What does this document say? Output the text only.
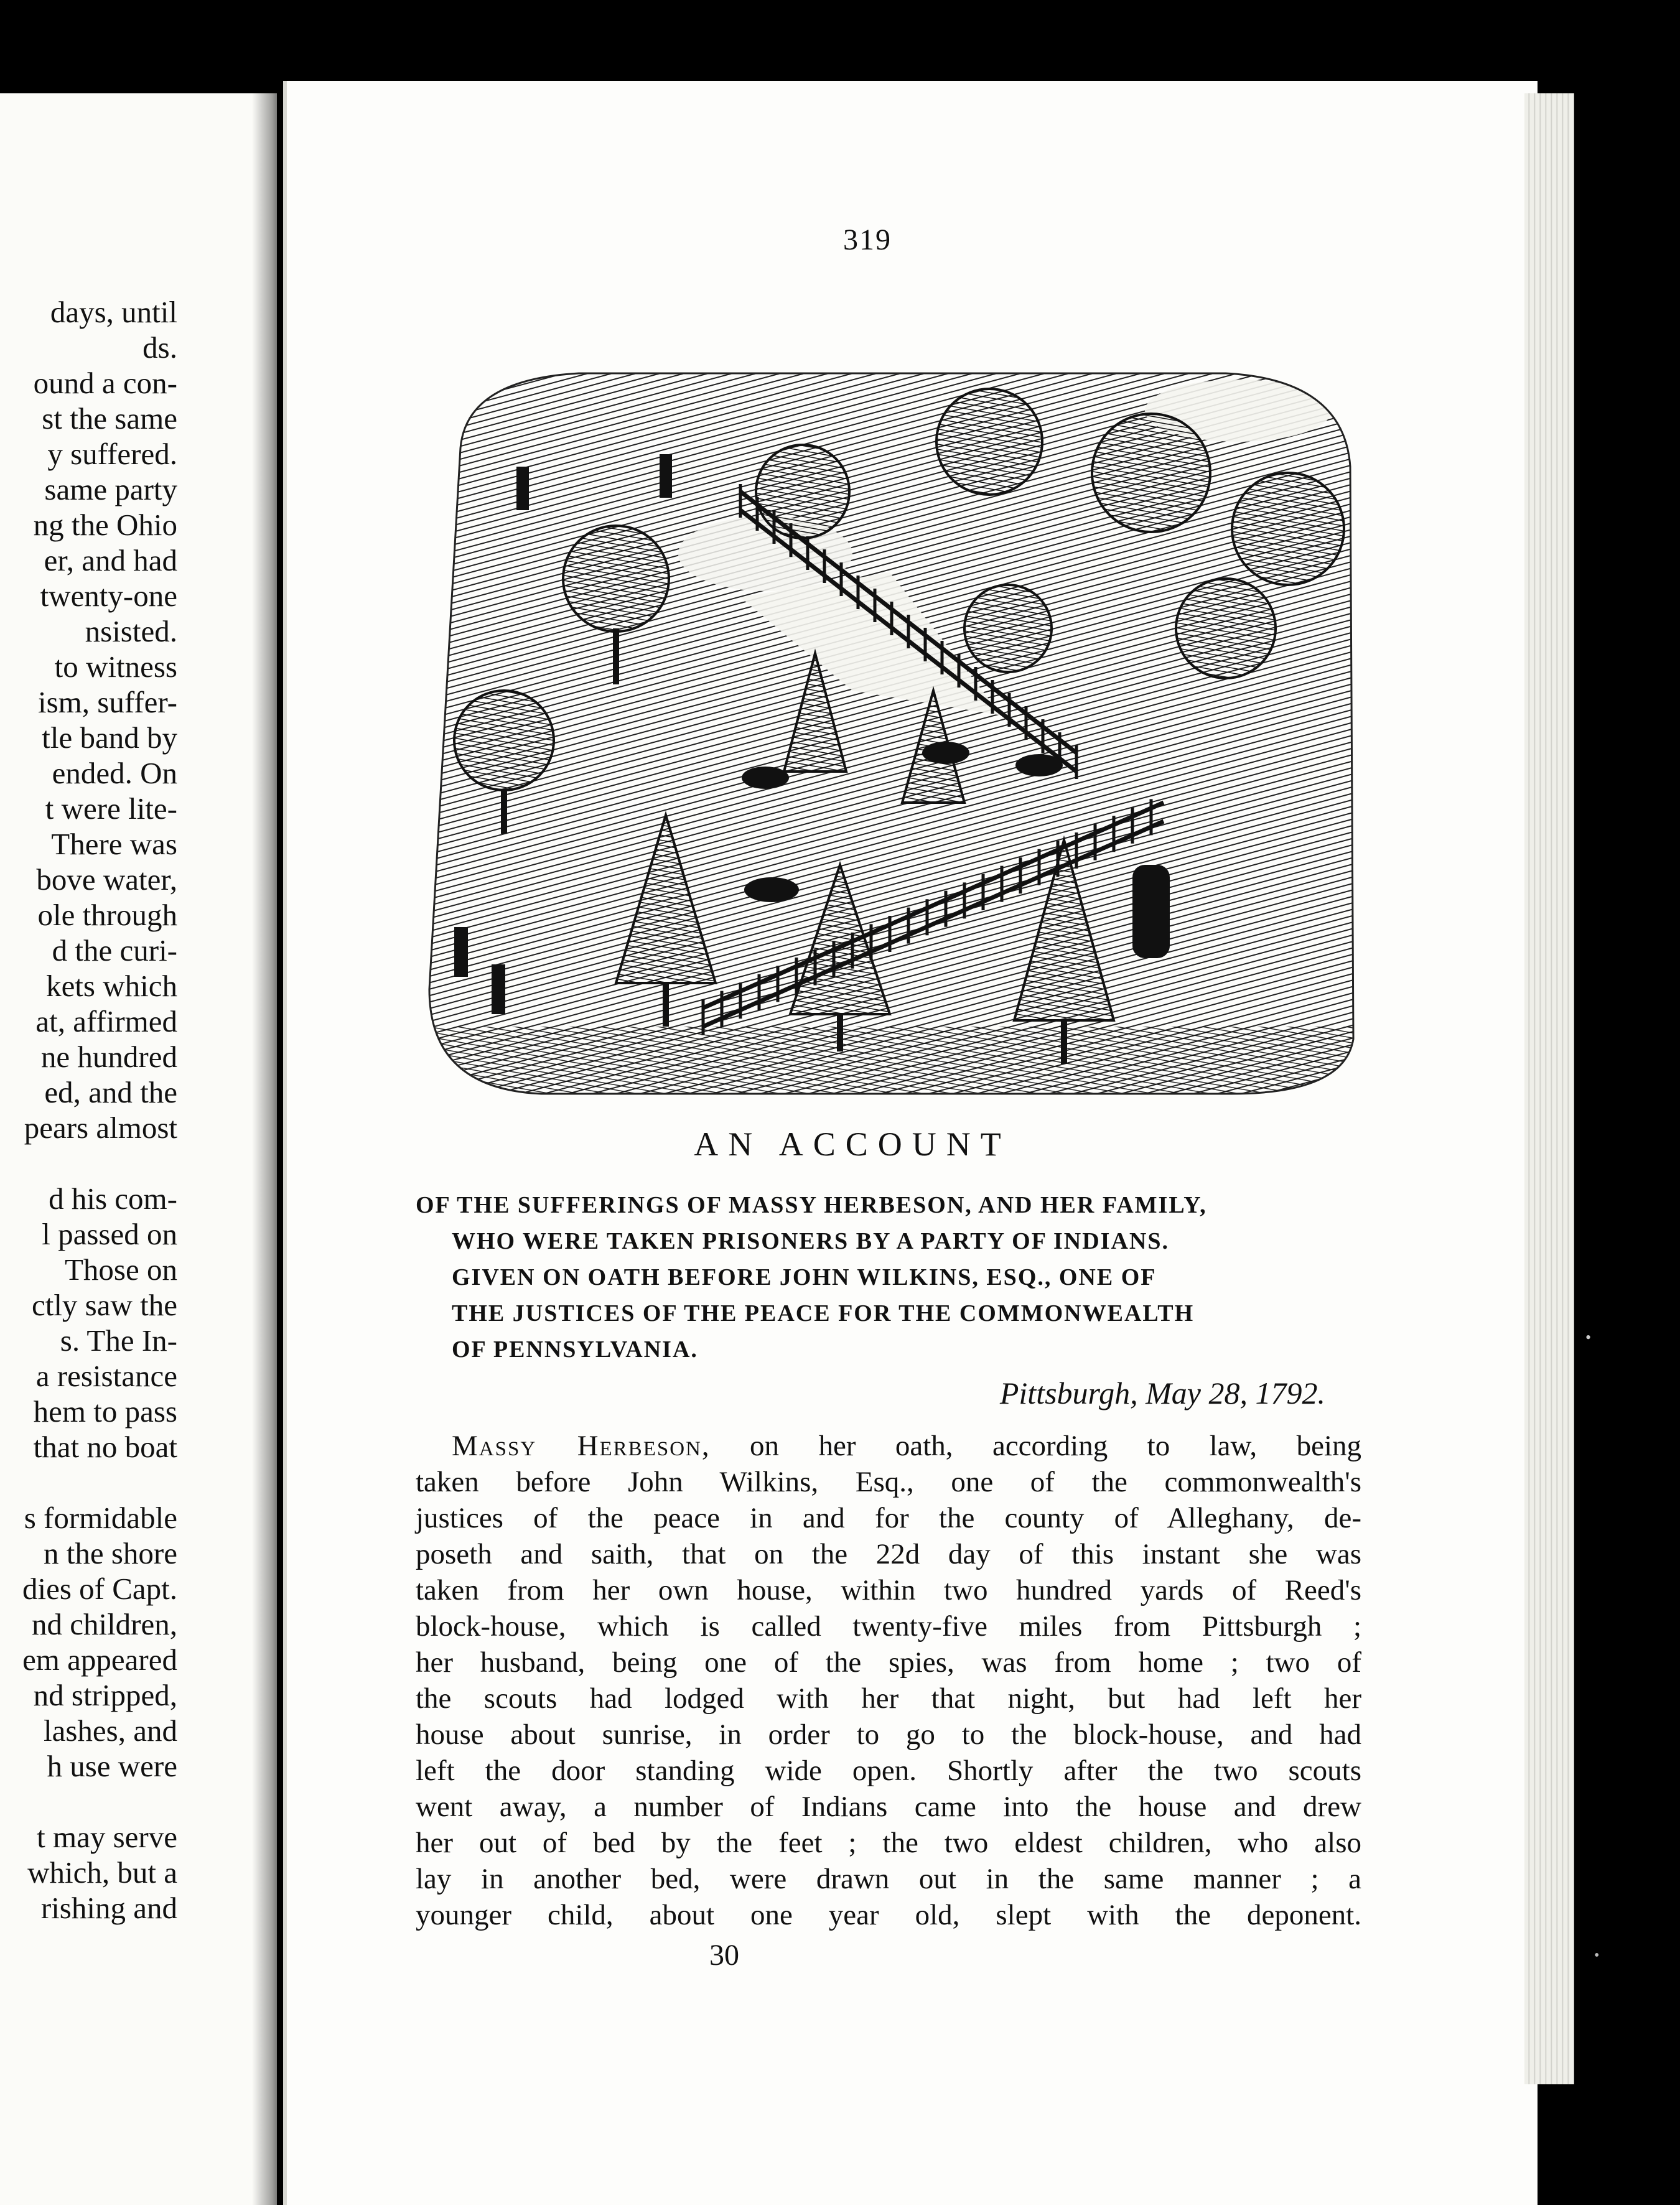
days, until
ds.
ound a con-
st the same
y suffered.
same party
ng the Ohio
er, and had
twenty-one
nsisted.
to witness
ism, suffer-
tle band by
ended. On
t were lite-
There was
bove water,
ole through
d the curi-
kets which
at, affirmed
ne hundred
ed, and the
pears almost
d his com-
l passed on
Those on
ctly saw the
s. The In-
a resistance
hem to pass
that no boat
s formidable
n the shore
dies of Capt.
nd children,
em appeared
nd stripped,
lashes, and
h use were
t may serve
which, but a
rishing and
•
•
319
AN ACCOUNT
OF THE SUFFERINGS OF MASSY HERBESON, AND HER FAMILY,
WHO WERE TAKEN PRISONERS BY A PARTY OF INDIANS.
GIVEN ON OATH BEFORE JOHN WILKINS, ESQ., ONE OF
THE JUSTICES OF THE PEACE FOR THE COMMONWEALTH
OF PENNSYLVANIA.
Pittsburgh, May 28, 1792.
Massy Herbeson, on her oath, according to law, being
taken before John Wilkins, Esq., one of the commonwealth's
justices of the peace in and for the county of Alleghany, de-
poseth and saith, that on the 22d day of this instant she was
taken from her own house, within two hundred yards of Reed's
block-house, which is called twenty-five miles from Pittsburgh ;
her husband, being one of the spies, was from home ; two of
the scouts had lodged with her that night, but had left her
house about sunrise, in order to go to the block-house, and had
left the door standing wide open. Shortly after the two scouts
went away, a number of Indians came into the house and drew
her out of bed by the feet ; the two eldest children, who also
lay in another bed, were drawn out in the same manner ; a
younger child, about one year old, slept with the deponent.
30
